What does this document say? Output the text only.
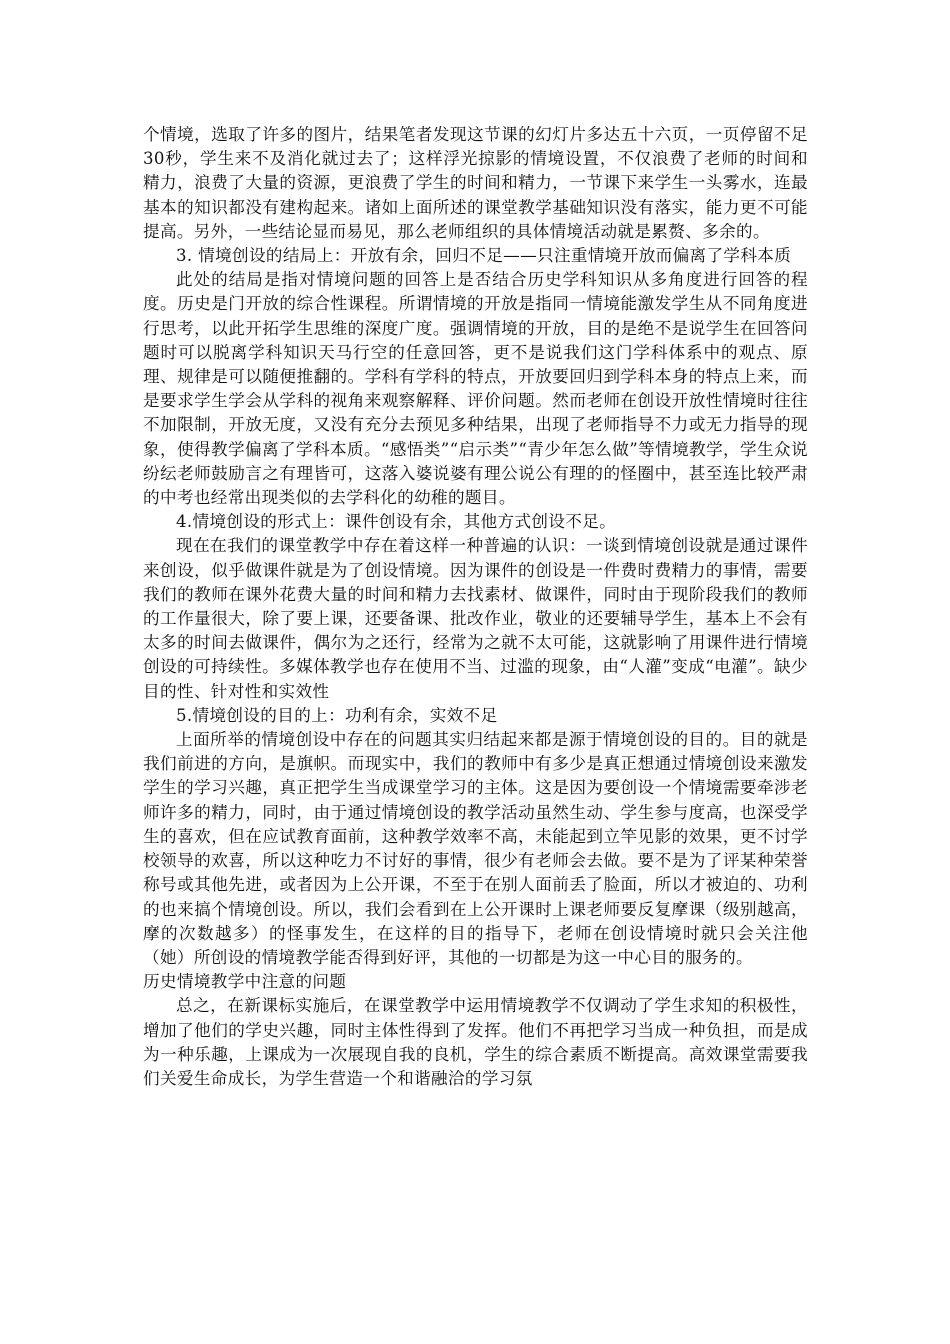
个情境，选取了许多的图片，结果笔者发现这节课的幻灯片多达五十六页，一页停留不足30秒，学生来不及消化就过去了；这样浮光掠影的情境设置，不仅浪费了老师的时间和精力，浪费了大量的资源，更浪费了学生的时间和精力，一节课下来学生一头雾水，连最基本的知识都没有建构起来。诸如上面所述的课堂教学基础知识没有落实，能力更不可能提高。另外，一些结论显而易见，那么老师组织的具体情境活动就是累赘、多余的。

3. 情境创设的结局上：开放有余，回归不足——只注重情境开放而偏离了学科本质

此处的结局是指对情境问题的回答上是否结合历史学科知识从多角度进行回答的程度。历史是门开放的综合性课程。所谓情境的开放是指同一情境能激发学生从不同角度进行思考，以此开拓学生思维的深度广度。强调情境的开放，目的是绝不是说学生在回答问题时可以脱离学科知识天马行空的任意回答，更不是说我们这门学科体系中的观点、原理、规律是可以随便推翻的。学科有学科的特点，开放要回归到学科本身的特点上来，而是要求学生学会从学科的视角来观察解释、评价问题。然而老师在创设开放性情境时往往不加限制，开放无度，又没有充分去预见多种结果，出现了老师指导不力或无力指导的现象，使得教学偏离了学科本质。“感悟类”“启示类”“青少年怎么做”等情境教学，学生众说纷纭老师鼓励言之有理皆可，这落入婆说婆有理公说公有理的的怪圈中，甚至连比较严肃的中考也经常出现类似的去学科化的幼稚的题目。

4.情境创设的形式上：课件创设有余，其他方式创设不足。

现在在我们的课堂教学中存在着这样一种普遍的认识：一谈到情境创设就是通过课件来创设，似乎做课件就是为了创设情境。因为课件的创设是一件费时费精力的事情，需要我们的教师在课外花费大量的时间和精力去找素材、做课件，同时由于现阶段我们的教师的工作量很大，除了要上课，还要备课、批改作业，敬业的还要辅导学生，基本上不会有太多的时间去做课件，偶尔为之还行，经常为之就不太可能，这就影响了用课件进行情境创设的可持续性。多媒体教学也存在使用不当、过滥的现象，由“人灌”变成“电灌”。缺少目的性、针对性和实效性

5.情境创设的目的上：功利有余，实效不足

上面所举的情境创设中存在的问题其实归结起来都是源于情境创设的目的。目的就是我们前进的方向，是旗帜。而现实中，我们的教师中有多少是真正想通过情境创设来激发学生的学习兴趣，真正把学生当成课堂学习的主体。这是因为要创设一个情境需要牵涉老师许多的精力，同时，由于通过情境创设的教学活动虽然生动、学生参与度高，也深受学生的喜欢，但在应试教育面前，这种教学效率不高，未能起到立竿见影的效果，更不讨学校领导的欢喜，所以这种吃力不讨好的事情，很少有老师会去做。要不是为了评某种荣誉称号或其他先进，或者因为上公开课，不至于在别人面前丢了脸面，所以才被迫的、功利的也来搞个情境创设。所以，我们会看到在上公开课时上课老师要反复摩课（级别越高，摩的次数越多）的怪事发生，在这样的目的指导下，老师在创设情境时就只会关注他（她）所创设的情境教学能否得到好评，其他的一切都是为这一中心目的服务的。

历史情境教学中注意的问题

总之，在新课标实施后，在课堂教学中运用情境教学不仅调动了学生求知的积极性，增加了他们的学史兴趣，同时主体性得到了发挥。他们不再把学习当成一种负担，而是成为一种乐趣，上课成为一次展现自我的良机，学生的综合素质不断提高。高效课堂需要我们关爱生命成长，为学生营造一个和谐融洽的学习氛
